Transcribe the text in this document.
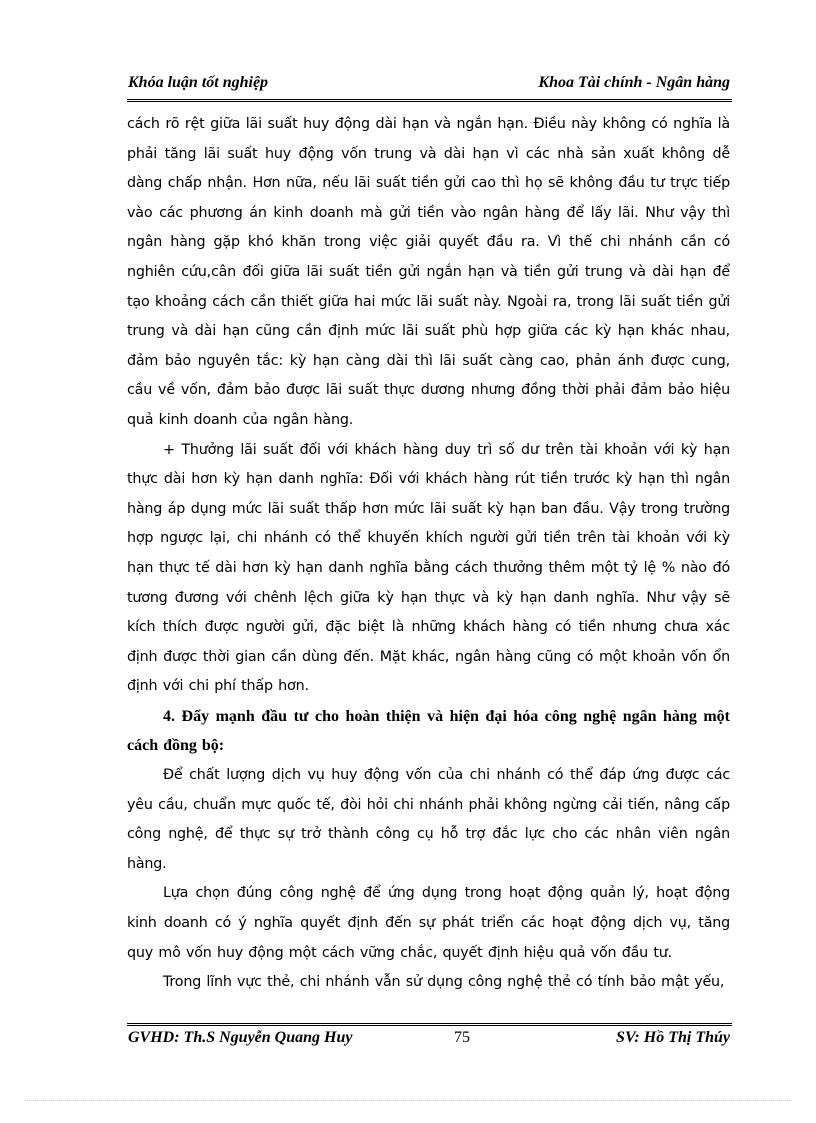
Khóa luận tốt nghiệp	Khoa Tài chính - Ngân hàng

cách rõ rệt giữa lãi suất huy động dài hạn và ngắn hạn. Điều này không có nghĩa là phải tăng lãi suất huy động vốn trung và dài hạn vì các nhà sản xuất không dễ dàng chấp nhận. Hơn nữa, nếu lãi suất tiền gửi cao thì họ sẽ không đầu tư trực tiếp vào các phương án kinh doanh mà gửi tiền vào ngân hàng để lấy lãi. Như vậy thì ngân hàng gặp khó khăn trong việc giải quyết đầu ra. Vì thế chi nhánh cần có nghiên cứu,cân đối giữa lãi suất tiền gửi ngắn hạn và tiền gửi trung và dài hạn để tạo khoảng cách cần thiết giữa hai mức lãi suất này. Ngoài ra, trong lãi suất tiền gửi trung và dài hạn cũng cần định mức lãi suất phù hợp giữa các kỳ hạn khác nhau, đảm bảo nguyên tắc: kỳ hạn càng dài thì lãi suất càng cao, phản ánh được cung, cầu về vốn, đảm bảo được lãi suất thực dương nhưng đồng thời phải đảm bảo hiệu quả kinh doanh của ngân hàng.

+ Thưởng lãi suất đối với khách hàng duy trì số dư trên tài khoản với kỳ hạn thực dài hơn kỳ hạn danh nghĩa: Đối với khách hàng rút tiền trước kỳ hạn thì ngân hàng áp dụng mức lãi suất thấp hơn mức lãi suất kỳ hạn ban đầu. Vậy trong trường hợp ngược lại, chi nhánh có thể khuyến khích người gửi tiền trên tài khoản với kỳ hạn thực tế dài hơn kỳ hạn danh nghĩa bằng cách thưởng thêm một tỷ lệ % nào đó tương đương với chênh lệch giữa kỳ hạn thực và kỳ hạn danh nghĩa. Như vậy sẽ kích thích được người gửi, đặc biệt là những khách hàng có tiền nhưng chưa xác định được thời gian cần dùng đến. Mặt khác, ngân hàng cũng có một khoản vốn ổn định với chi phí thấp hơn.

4. Đẩy mạnh đầu tư cho hoàn thiện và hiện đại hóa công nghệ ngân hàng một cách đồng bộ:

Để chất lượng dịch vụ huy động vốn của chi nhánh có thể đáp ứng được các yêu cầu, chuẩn mực quốc tế, đòi hỏi chi nhánh phải không ngừng cải tiến, nâng cấp công nghệ, để thực sự trở thành công cụ hỗ trợ đắc lực cho các nhân viên ngân hàng.

Lựa chọn đúng công nghệ để ứng dụng trong hoạt động quản lý, hoạt động kinh doanh có ý nghĩa quyết định đến sự phát triển các hoạt động dịch vụ, tăng quy mô vốn huy động một cách vững chắc, quyết định hiệu quả vốn đầu tư.

Trong lĩnh vực thẻ, chi nhánh vẫn sử dụng công nghệ thẻ có tính bảo mật yếu,

GVHD: Th.S Nguyễn Quang Huy	75	SV: Hồ Thị Thúy
